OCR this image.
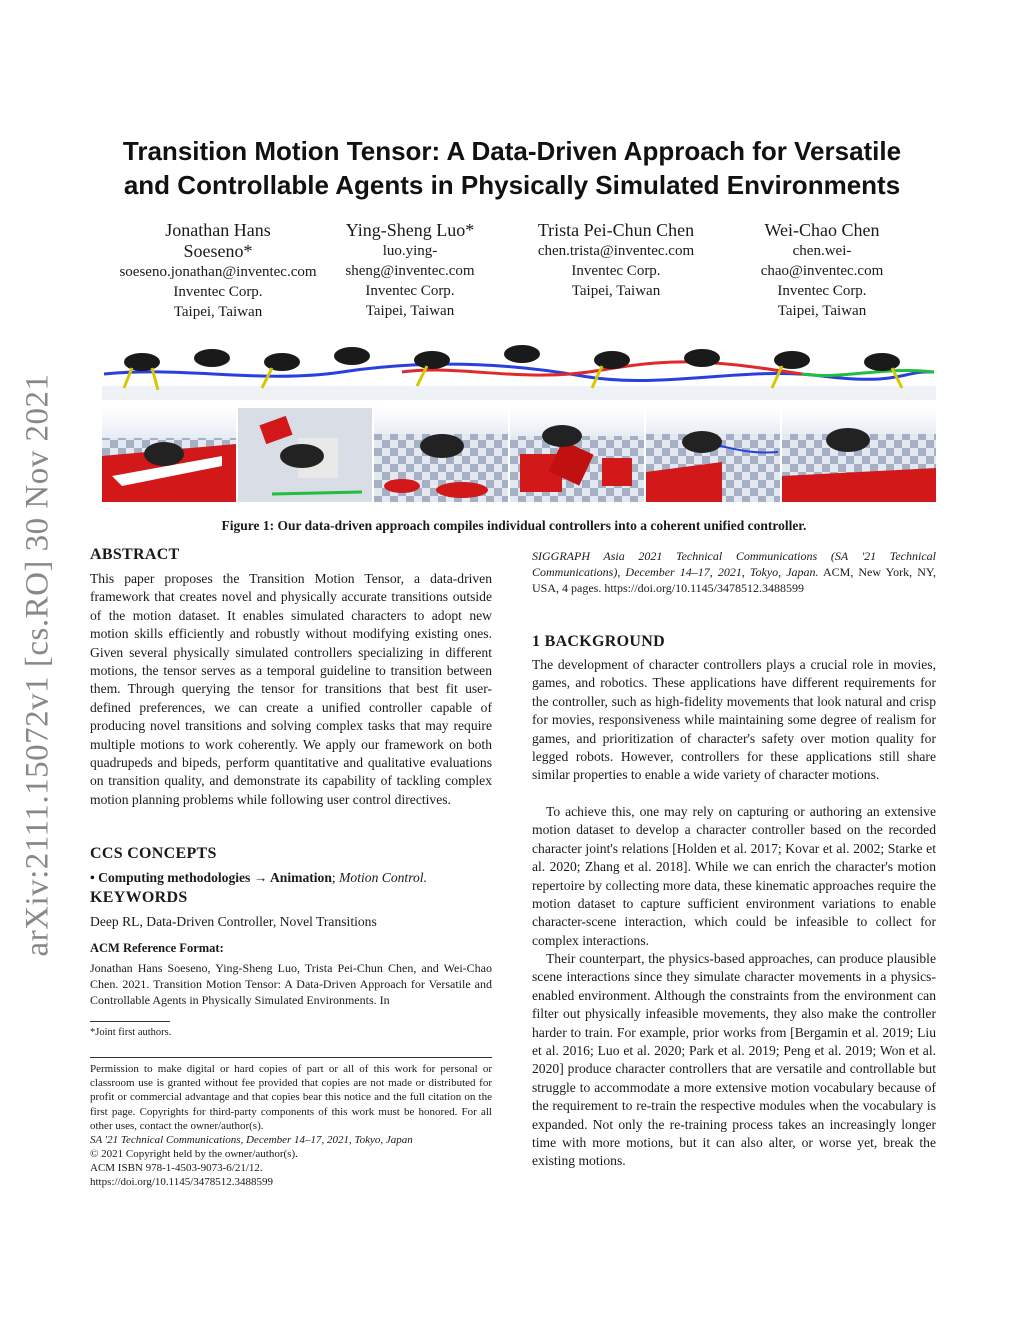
arXiv:2111.15072v1 [cs.RO] 30 Nov 2021
Transition Motion Tensor: A Data-Driven Approach for Versatile
and Controllable Agents in Physically Simulated Environments
Jonathan Hans
Soeseno*
soeseno.jonathan@inventec.com
Inventec Corp.
Taipei, Taiwan
Ying-Sheng Luo*
luo.ying-
sheng@inventec.com
Inventec Corp.
Taipei, Taiwan
Trista Pei-Chun Chen
chen.trista@inventec.com
Inventec Corp.
Taipei, Taiwan
Wei-Chao Chen
chen.wei-
chao@inventec.com
Inventec Corp.
Taipei, Taiwan
Figure 1: Our data-driven approach compiles individual controllers into a coherent unified controller.
ABSTRACT

This paper proposes the Transition Motion Tensor, a data-driven framework that creates novel and physically accurate transitions outside of the motion dataset. It enables simulated characters to adopt new motion skills efficiently and robustly without modifying existing ones. Given several physically simulated controllers specializing in different motions, the tensor serves as a temporal guideline to transition between them. Through querying the tensor for transitions that best fit user-defined preferences, we can create a unified controller capable of producing novel transitions and solving complex tasks that may require multiple motions to work coherently. We apply our framework on both quadrupeds and bipeds, perform quantitative and qualitative evaluations on transition quality, and demonstrate its capability of tackling complex motion planning problems while following user control directives.

CCS CONCEPTS
• Computing methodologies → Animation; Motion Control.
KEYWORDS
Deep RL, Data-Driven Controller, Novel Transitions
ACM Reference Format:

Jonathan Hans Soeseno, Ying-Sheng Luo, Trista Pei-Chun Chen, and Wei-Chao Chen. 2021. Transition Motion Tensor: A Data-Driven Approach for Versatile and Controllable Agents in Physically Simulated Environments. In

*Joint first authors.

Permission to make digital or hard copies of part or all of this work for personal or classroom use is granted without fee provided that copies are not made or distributed for profit or commercial advantage and that copies bear this notice and the full citation on the first page. Copyrights for third-party components of this work must be honored. For all other uses, contact the owner/author(s).

SA '21 Technical Communications, December 14–17, 2021, Tokyo, Japan
© 2021 Copyright held by the owner/author(s).
ACM ISBN 978-1-4503-9073-6/21/12.
https://doi.org/10.1145/3478512.3488599

SIGGRAPH Asia 2021 Technical Communications (SA '21 Technical Communications), December 14–17, 2021, Tokyo, Japan. ACM, New York, NY, USA, 4 pages. https://doi.org/10.1145/3478512.3488599

1 BACKGROUND

The development of character controllers plays a crucial role in movies, games, and robotics. These applications have different requirements for the controller, such as high-fidelity movements that look natural and crisp for movies, responsiveness while maintaining some degree of realism for games, and prioritization of character's safety over motion quality for legged robots. However, controllers for these applications still share similar properties to enable a wide variety of character motions.

To achieve this, one may rely on capturing or authoring an extensive motion dataset to develop a character controller based on the recorded character joint's relations [Holden et al. 2017; Kovar et al. 2002; Starke et al. 2020; Zhang et al. 2018]. While we can enrich the character's motion repertoire by collecting more data, these kinematic approaches require the motion dataset to capture sufficient environment variations to enable character-scene interaction, which could be infeasible to collect for complex interactions.

Their counterpart, the physics-based approaches, can produce plausible scene interactions since they simulate character movements in a physics-enabled environment. Although the constraints from the environment can filter out physically infeasible movements, they also make the controller harder to train. For example, prior works from [Bergamin et al. 2019; Liu et al. 2016; Luo et al. 2020; Park et al. 2019; Peng et al. 2019; Won et al. 2020] produce character controllers that are versatile and controllable but struggle to accommodate a more extensive motion vocabulary because of the requirement to re-train the respective modules when the vocabulary is expanded. Not only the re-training process takes an increasingly longer time with more motions, but it can also alter, or worse yet, break the existing motions.
